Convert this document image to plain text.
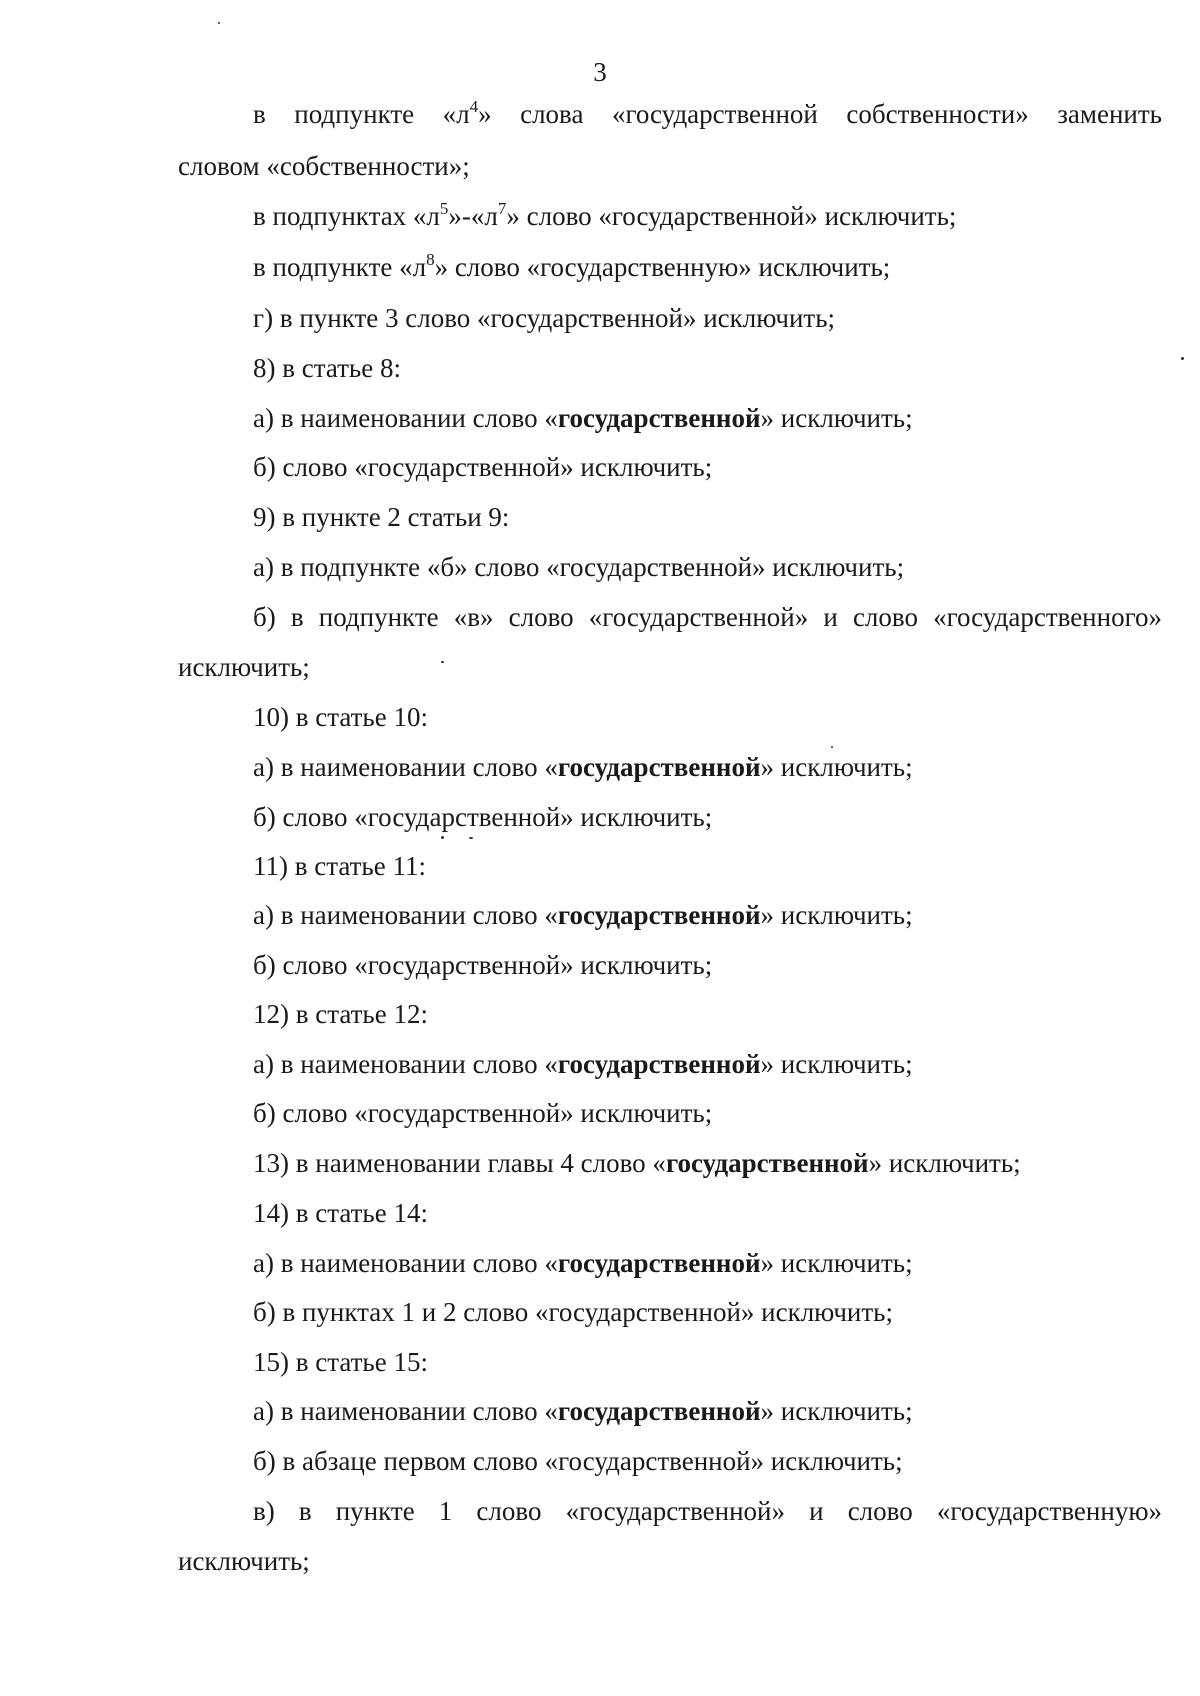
3
в подпункте «$л^4$» слова «государственной собственности» заменить
словом «собственности»;
в подпунктах «$л^5»-«л^7$» слово «государственной» исключить;
в подпункте «$л^8$» слово «государственную» исключить;
г) в пункте 3 слово «государственной» исключить;
8) в статье 8:
а) в наименовании слово «государственной» исключить;
б) слово «государственной» исключить;
9) в пункте 2 статьи 9:
а) в подпункте «б» слово «государственной» исключить;
б) в подпункте «в» слово «государственной» и слово «государственного»
исключить;
10) в статье 10:
а) в наименовании слово «государственной» исключить;
б) слово «государственной» исключить;
11) в статье 11:
а) в наименовании слово «государственной» исключить;
б) слово «государственной» исключить;
12) в статье 12:
а) в наименовании слово «государственной» исключить;
б) слово «государственной» исключить;
13) в наименовании главы 4 слово «государственной» исключить;
14) в статье 14:
а) в наименовании слово «государственной» исключить;
б) в пунктах 1 и 2 слово «государственной» исключить;
15) в статье 15:
а) в наименовании слово «государственной» исключить;
б) в абзаце первом слово «государственной» исключить;
в) в пункте 1 слово «государственной» и слово «государственную»
исключить;
